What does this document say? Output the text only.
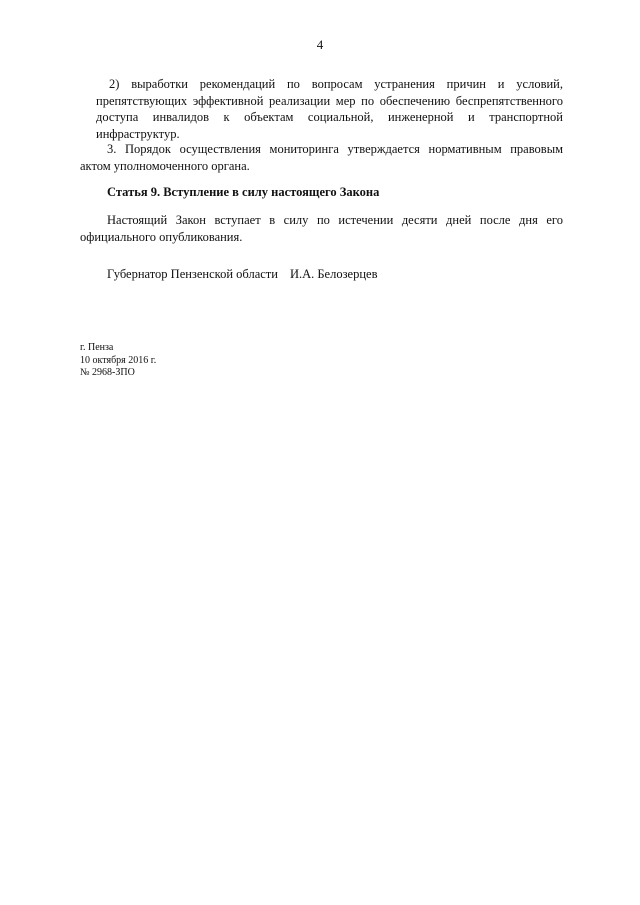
4
2) выработки рекомендаций по вопросам устранения причин и условий, препятствующих эффективной реализации мер по обеспечению беспрепятственного доступа инвалидов к объектам социальной, инженерной и транспортной инфраструктур.
3. Порядок осуществления мониторинга утверждается нормативным правовым актом уполномоченного органа.
Статья 9. Вступление в силу настоящего Закона
Настоящий Закон вступает в силу по истечении десяти дней после дня его официального опубликования.
Губернатор Пензенской области И.А. Белозерцев
г. Пенза
10 октября 2016 г.
№ 2968-ЗПО
